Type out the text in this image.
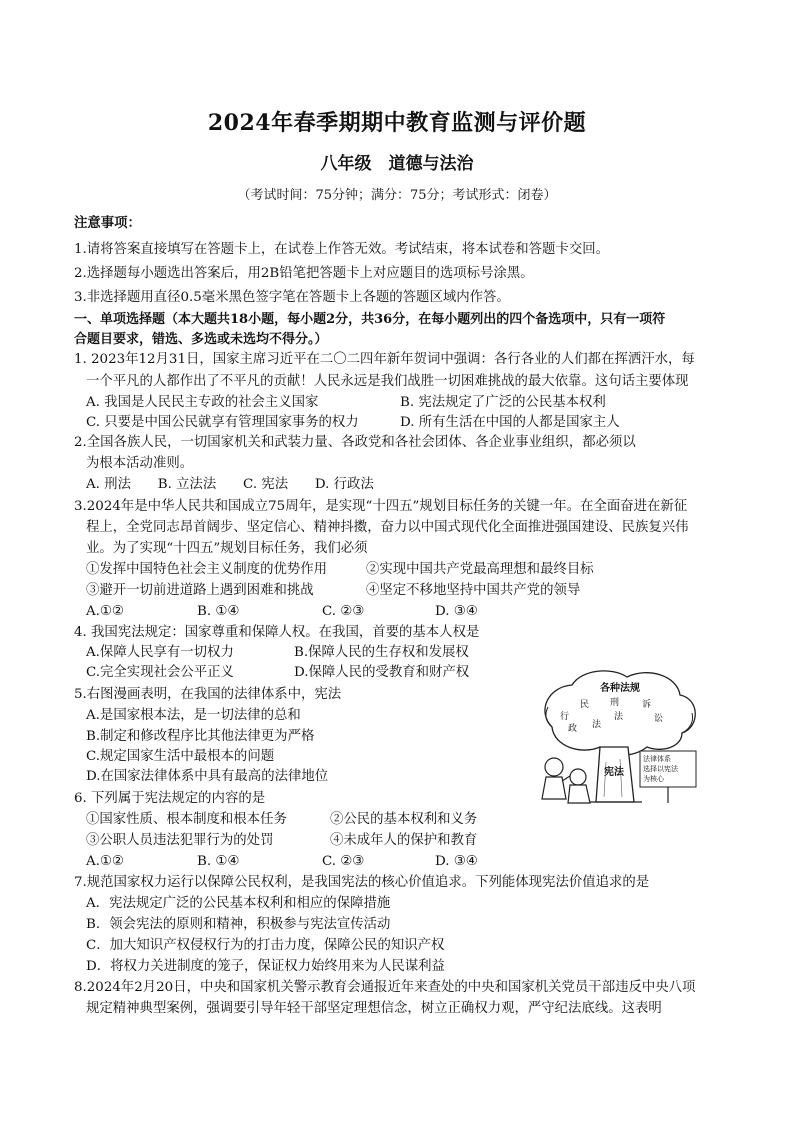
2024年春季期期中教育监测与评价题
八年级　道德与法治
（考试时间：75分钟；满分：75分；考试形式：闭卷）
注意事项：
1.请将答案直接填写在答题卡上，在试卷上作答无效。考试结束，将本试卷和答题卡交回。
2.选择题每小题选出答案后，用2B铅笔把答题卡上对应题目的选项标号涂黑。
3.非选择题用直径0.5毫米黑色签字笔在答题卡上各题的答题区域内作答。
一、单项选择题（本大题共18小题，每小题2分，共36分，在每小题列出的四个备选项中，只有一项符
合题目要求，错选、多选或未选均不得分。）
1. 2023年12月31日，国家主席习近平在二〇二四年新年贺词中强调：各行各业的人们都在挥洒汗水，每
一个平凡的人都作出了不平凡的贡献！人民永远是我们战胜一切困难挑战的最大依靠。这句话主要体现
A. 我国是人民民主专政的社会主义国家	B. 宪法规定了广泛的公民基本权利
C. 只要是中国公民就享有管理国家事务的权力	D. 所有生活在中国的人都是国家主人
2.全国各族人民，一切国家机关和武装力量、各政党和各社会团体、各企业事业组织，都必须以
为根本活动准则。
A. 刑法　　B. 立法法　　C. 宪法　　D. 行政法
3.2024年是中华人民共和国成立75周年，是实现“十四五”规划目标任务的关键一年。在全面奋进在新征
程上，全党同志昂首阔步、坚定信心、精神抖擞，奋力以中国式现代化全面推进强国建设、民族复兴伟
业。为了实现“十四五”规划目标任务，我们必须
①发挥中国特色社会主义制度的优势作用	②实现中国共产党最高理想和最终目标
③避开一切前进道路上遇到困难和挑战	④坚定不移地坚持中国共产党的领导
A.①②	B. ①④	C. ②③	D. ③④
4. 我国宪法规定：国家尊重和保障人权。在我国，首要的基本人权是
A.保障人民享有一切权力	B.保障人民的生存权和发展权
C.完全实现社会公平正义	D.保障人民的受教育和财产权
5.右图漫画表明，在我国的法律体系中，宪法
A.是国家根本法，是一切法律的总和
B.制定和修改程序比其他法律更为严格
C.规定国家生活中最根本的问题
D.在国家法律体系中具有最高的法律地位
各种法规
行
民
政
刑
法
诉
法
讼
宪法
法律体系
选择以宪法
为核心
6. 下列属于宪法规定的内容的是
①国家性质、根本制度和根本任务	②公民的基本权利和义务
③公职人员违法犯罪行为的处罚	④未成年人的保护和教育
A.①②	B. ①④	C. ②③	D. ③④
7.规范国家权力运行以保障公民权利，是我国宪法的核心价值追求。下列能体现宪法价值追求的是
A．宪法规定广泛的公民基本权利和相应的保障措施
B．领会宪法的原则和精神，积极参与宪法宣传活动
C．加大知识产权侵权行为的打击力度，保障公民的知识产权
D．将权力关进制度的笼子，保证权力始终用来为人民谋利益
8.2024年2月20日，中央和国家机关警示教育会通报近年来查处的中央和国家机关党员干部违反中央八项
规定精神典型案例，强调要引导年轻干部坚定理想信念，树立正确权力观，严守纪法底线。这表明
